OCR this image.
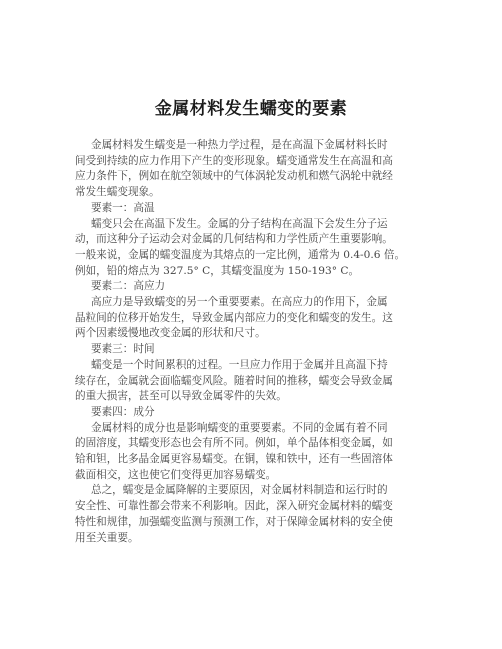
金属材料发生蠕变的要素
金属材料发生蠕变是一种热力学过程，是在高温下金属材料长时
间受到持续的应力作用下产生的变形现象。蠕变通常发生在高温和高
应力条件下，例如在航空领域中的气体涡轮发动机和燃气涡轮中就经
常发生蠕变现象。
要素一：高温
蠕变只会在高温下发生。金属的分子结构在高温下会发生分子运
动，而这种分子运动会对金属的几何结构和力学性质产生重要影响。
一般来说，金属的蠕变温度为其熔点的一定比例，通常为 0.4-0.6 倍。
例如，铅的熔点为 327.5° C，其蠕变温度为 150-193° C。
要素二：高应力
高应力是导致蠕变的另一个重要要素。在高应力的作用下，金属
晶粒间的位移开始发生，导致金属内部应力的变化和蠕变的发生。这
两个因素缓慢地改变金属的形状和尺寸。
要素三：时间
蠕变是一个时间累积的过程。一旦应力作用于金属并且高温下持
续存在，金属就会面临蠕变风险。随着时间的推移，蠕变会导致金属
的重大损害，甚至可以导致金属零件的失效。
要素四：成分
金属材料的成分也是影响蠕变的重要要素。不同的金属有着不同
的固溶度，其蠕变形态也会有所不同。例如，单个晶体相变金属，如
铪和钽，比多晶金属更容易蠕变。在铜，镍和铁中，还有一些固溶体
截面相交，这也使它们变得更加容易蠕变。
总之，蠕变是金属降解的主要原因，对金属材料制造和运行时的
安全性、可靠性都会带来不利影响。因此，深入研究金属材料的蠕变
特性和规律，加强蠕变监测与预测工作，对于保障金属材料的安全使
用至关重要。
